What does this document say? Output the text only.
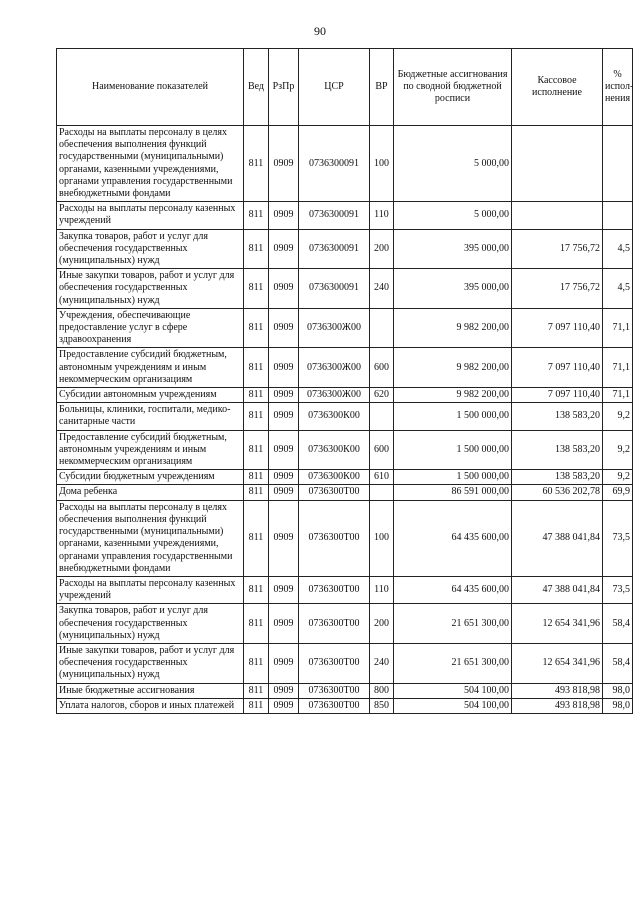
90
Наименование показателей	Вед	РзПр	ЦСР	ВР	Бюджетные ассигнования по сводной бюджетной росписи	Кассовое исполнение	% испол-нения
Расходы на выплаты персоналу в целях обеспечения выполнения функций государственными (муниципальными) органами, казенными учреждениями, органами управления государственными внебюджетными фондами	811	0909	0736300091	100	5 000,00		
Расходы на выплаты персоналу казенных учреждений	811	0909	0736300091	110	5 000,00		
Закупка товаров, работ и услуг для обеспечения государственных (муниципальных) нужд	811	0909	0736300091	200	395 000,00	17 756,72	4,5
Иные закупки товаров, работ и услуг для обеспечения государственных (муниципальных) нужд	811	0909	0736300091	240	395 000,00	17 756,72	4,5
Учреждения, обеспечивающие предоставление услуг в сфере здравоохранения	811	0909	0736300Ж00		9 982 200,00	7 097 110,40	71,1
Предоставление субсидий бюджетным, автономным учреждениям и иным некоммерческим организациям	811	0909	0736300Ж00	600	9 982 200,00	7 097 110,40	71,1
Субсидии автономным учреждениям	811	0909	0736300Ж00	620	9 982 200,00	7 097 110,40	71,1
Больницы, клиники, госпитали, медико-санитарные части	811	0909	0736300К00		1 500 000,00	138 583,20	9,2
Предоставление субсидий бюджетным, автономным учреждениям и иным некоммерческим организациям	811	0909	0736300К00	600	1 500 000,00	138 583,20	9,2
Субсидии бюджетным учреждениям	811	0909	0736300К00	610	1 500 000,00	138 583,20	9,2
Дома ребенка	811	0909	0736300Т00		86 591 000,00	60 536 202,78	69,9
Расходы на выплаты персоналу в целях обеспечения выполнения функций государственными (муниципальными) органами, казенными учреждениями, органами управления государственными внебюджетными фондами	811	0909	0736300Т00	100	64 435 600,00	47 388 041,84	73,5
Расходы на выплаты персоналу казенных учреждений	811	0909	0736300Т00	110	64 435 600,00	47 388 041,84	73,5
Закупка товаров, работ и услуг для обеспечения государственных (муниципальных) нужд	811	0909	0736300Т00	200	21 651 300,00	12 654 341,96	58,4
Иные закупки товаров, работ и услуг для обеспечения государственных (муниципальных) нужд	811	0909	0736300Т00	240	21 651 300,00	12 654 341,96	58,4
Иные бюджетные ассигнования	811	0909	0736300Т00	800	504 100,00	493 818,98	98,0
Уплата налогов, сборов и иных платежей	811	0909	0736300Т00	850	504 100,00	493 818,98	98,0
